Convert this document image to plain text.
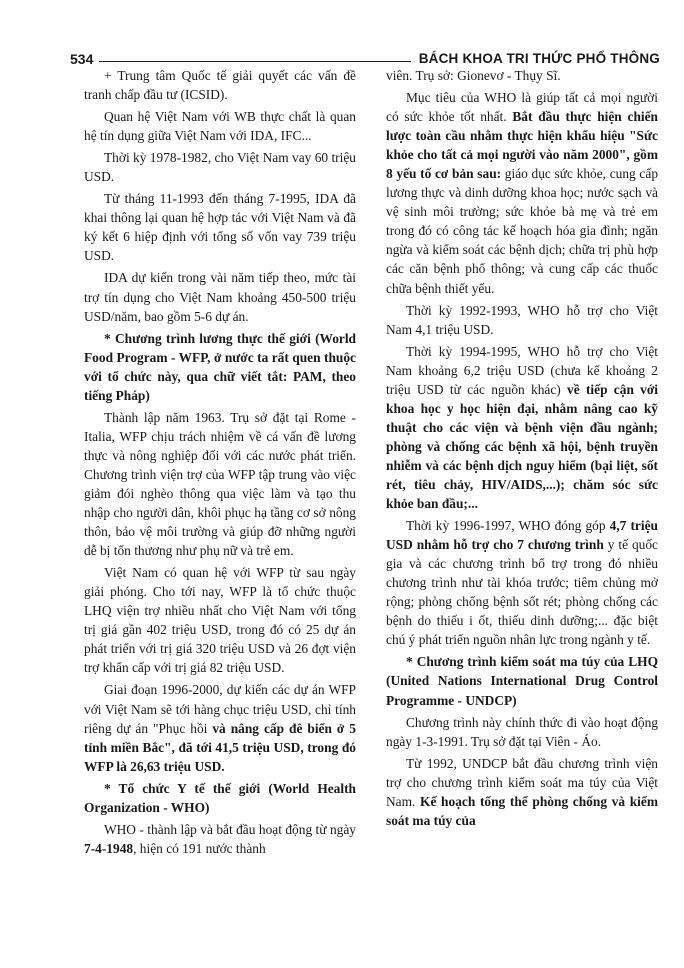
534	BÁCH KHOA TRI THỨC PHỔ THÔNG

+ Trung tâm Quốc tế giải quyết các vấn đề tranh chấp đầu tư (ICSID).

Quan hệ Việt Nam với WB thực chất là quan hệ tín dụng giữa Việt Nam với IDA, IFC...

Thời kỳ 1978-1982, cho Việt Nam vay 60 triệu USD.

Từ tháng 11-1993 đến tháng 7-1995, IDA đã khai thông lại quan hệ hợp tác với Việt Nam và đã ký kết 6 hiệp định với tổng số vốn vay 739 triệu USD.

IDA dự kiến trong vài năm tiếp theo, mức tài trợ tín dụng cho Việt Nam khoảng 450-500 triệu USD/năm, bao gồm 5-6 dự án.

* Chương trình lương thực thế giới (World Food Program - WFP, ở nước ta rất quen thuộc với tổ chức này, qua chữ viết tắt: PAM, theo tiếng Pháp)

Thành lập năm 1963. Trụ sở đặt tại Rome - Italia, WFP chịu trách nhiệm về cá vấn đề lương thực và nông nghiệp đối với các nước phát triển. Chương trình viện trợ của WFP tập trung vào việc giảm đói nghèo thông qua việc làm và tạo thu nhập cho người dân, khôi phục hạ tầng cơ sở nông thôn, bảo vệ môi trường và giúp đỡ những người dễ bị tổn thương như phụ nữ và trẻ em.

Việt Nam có quan hệ với WFP từ sau ngày giải phóng. Cho tới nay, WFP là tổ chức thuộc LHQ viện trợ nhiều nhất cho Việt Nam với tổng trị giá gần 402 triệu USD, trong đó có 25 dự án phát triển với trị giá 320 triệu USD và 26 đợt viện trợ khẩn cấp với trị giá 82 triệu USD.

Giai đoạn 1996-2000, dự kiến các dự án WFP với Việt Nam sẽ tới hàng chục triệu USD, chỉ tính riêng dự án "Phục hồi và nâng cấp đê biển ở 5 tỉnh miền Bắc", đã tới 41,5 triệu USD, trong đó WFP là 26,63 triệu USD.

* Tổ chức Y tế thế giới (World Health Organization - WHO)

WHO - thành lập và bắt đầu hoạt động từ ngày 7-4-1948, hiện có 191 nước thành

viên. Trụ sở: Gionevơ - Thụy Sĩ.

Mục tiêu của WHO là giúp tất cả mọi người có sức khỏe tốt nhất. Bắt đầu thực hiện chiến lược toàn cầu nhằm thực hiện khẩu hiệu "Sức khỏe cho tất cả mọi người vào năm 2000", gồm 8 yếu tố cơ bản sau: giáo dục sức khỏe, cung cấp lương thực và dinh dưỡng khoa học; nước sạch và vệ sinh môi trường; sức khỏe bà mẹ và trẻ em trong đó có công tác kế hoạch hóa gia đình; ngăn ngừa và kiểm soát các bệnh dịch; chữa trị phù hợp các căn bệnh phổ thông; và cung cấp các thuốc chữa bệnh thiết yếu.

Thời kỳ 1992-1993, WHO hỗ trợ cho Việt Nam 4,1 triệu USD.

Thời kỳ 1994-1995, WHO hỗ trợ cho Việt Nam khoảng 6,2 triệu USD (chưa kể khoảng 2 triệu USD từ các nguồn khác) về tiếp cận với khoa học y học hiện đại, nhằm nâng cao kỹ thuật cho các viện và bệnh viện đầu ngành; phòng và chống các bệnh xã hội, bệnh truyền nhiễm và các bệnh dịch nguy hiểm (bại liệt, sốt rét, tiêu chảy, HIV/AIDS,...); chăm sóc sức khỏe ban đầu;...

Thời kỳ 1996-1997, WHO đóng góp 4,7 triệu USD nhằm hỗ trợ cho 7 chương trình y tế quốc gia và các chương trình bổ trợ trong đó nhiều chương trình như tài khóa trước; tiêm chủng mở rộng; phòng chống bệnh sốt rét; phòng chống các bệnh do thiếu i ốt, thiếu dinh dưỡng;... đặc biệt chú ý phát triển nguồn nhân lực trong ngành y tế.

* Chương trình kiểm soát ma túy của LHQ (United Nations International Drug Control Programme - UNDCP)

Chương trình này chính thức đi vào hoạt động ngày 1-3-1991. Trụ sở đặt tại Viên - Áo.

Từ 1992, UNDCP bắt đầu chương trình viện trợ cho chương trình kiểm soát ma túy của Việt Nam. Kế hoạch tổng thể phòng chống và kiểm soát ma túy của
